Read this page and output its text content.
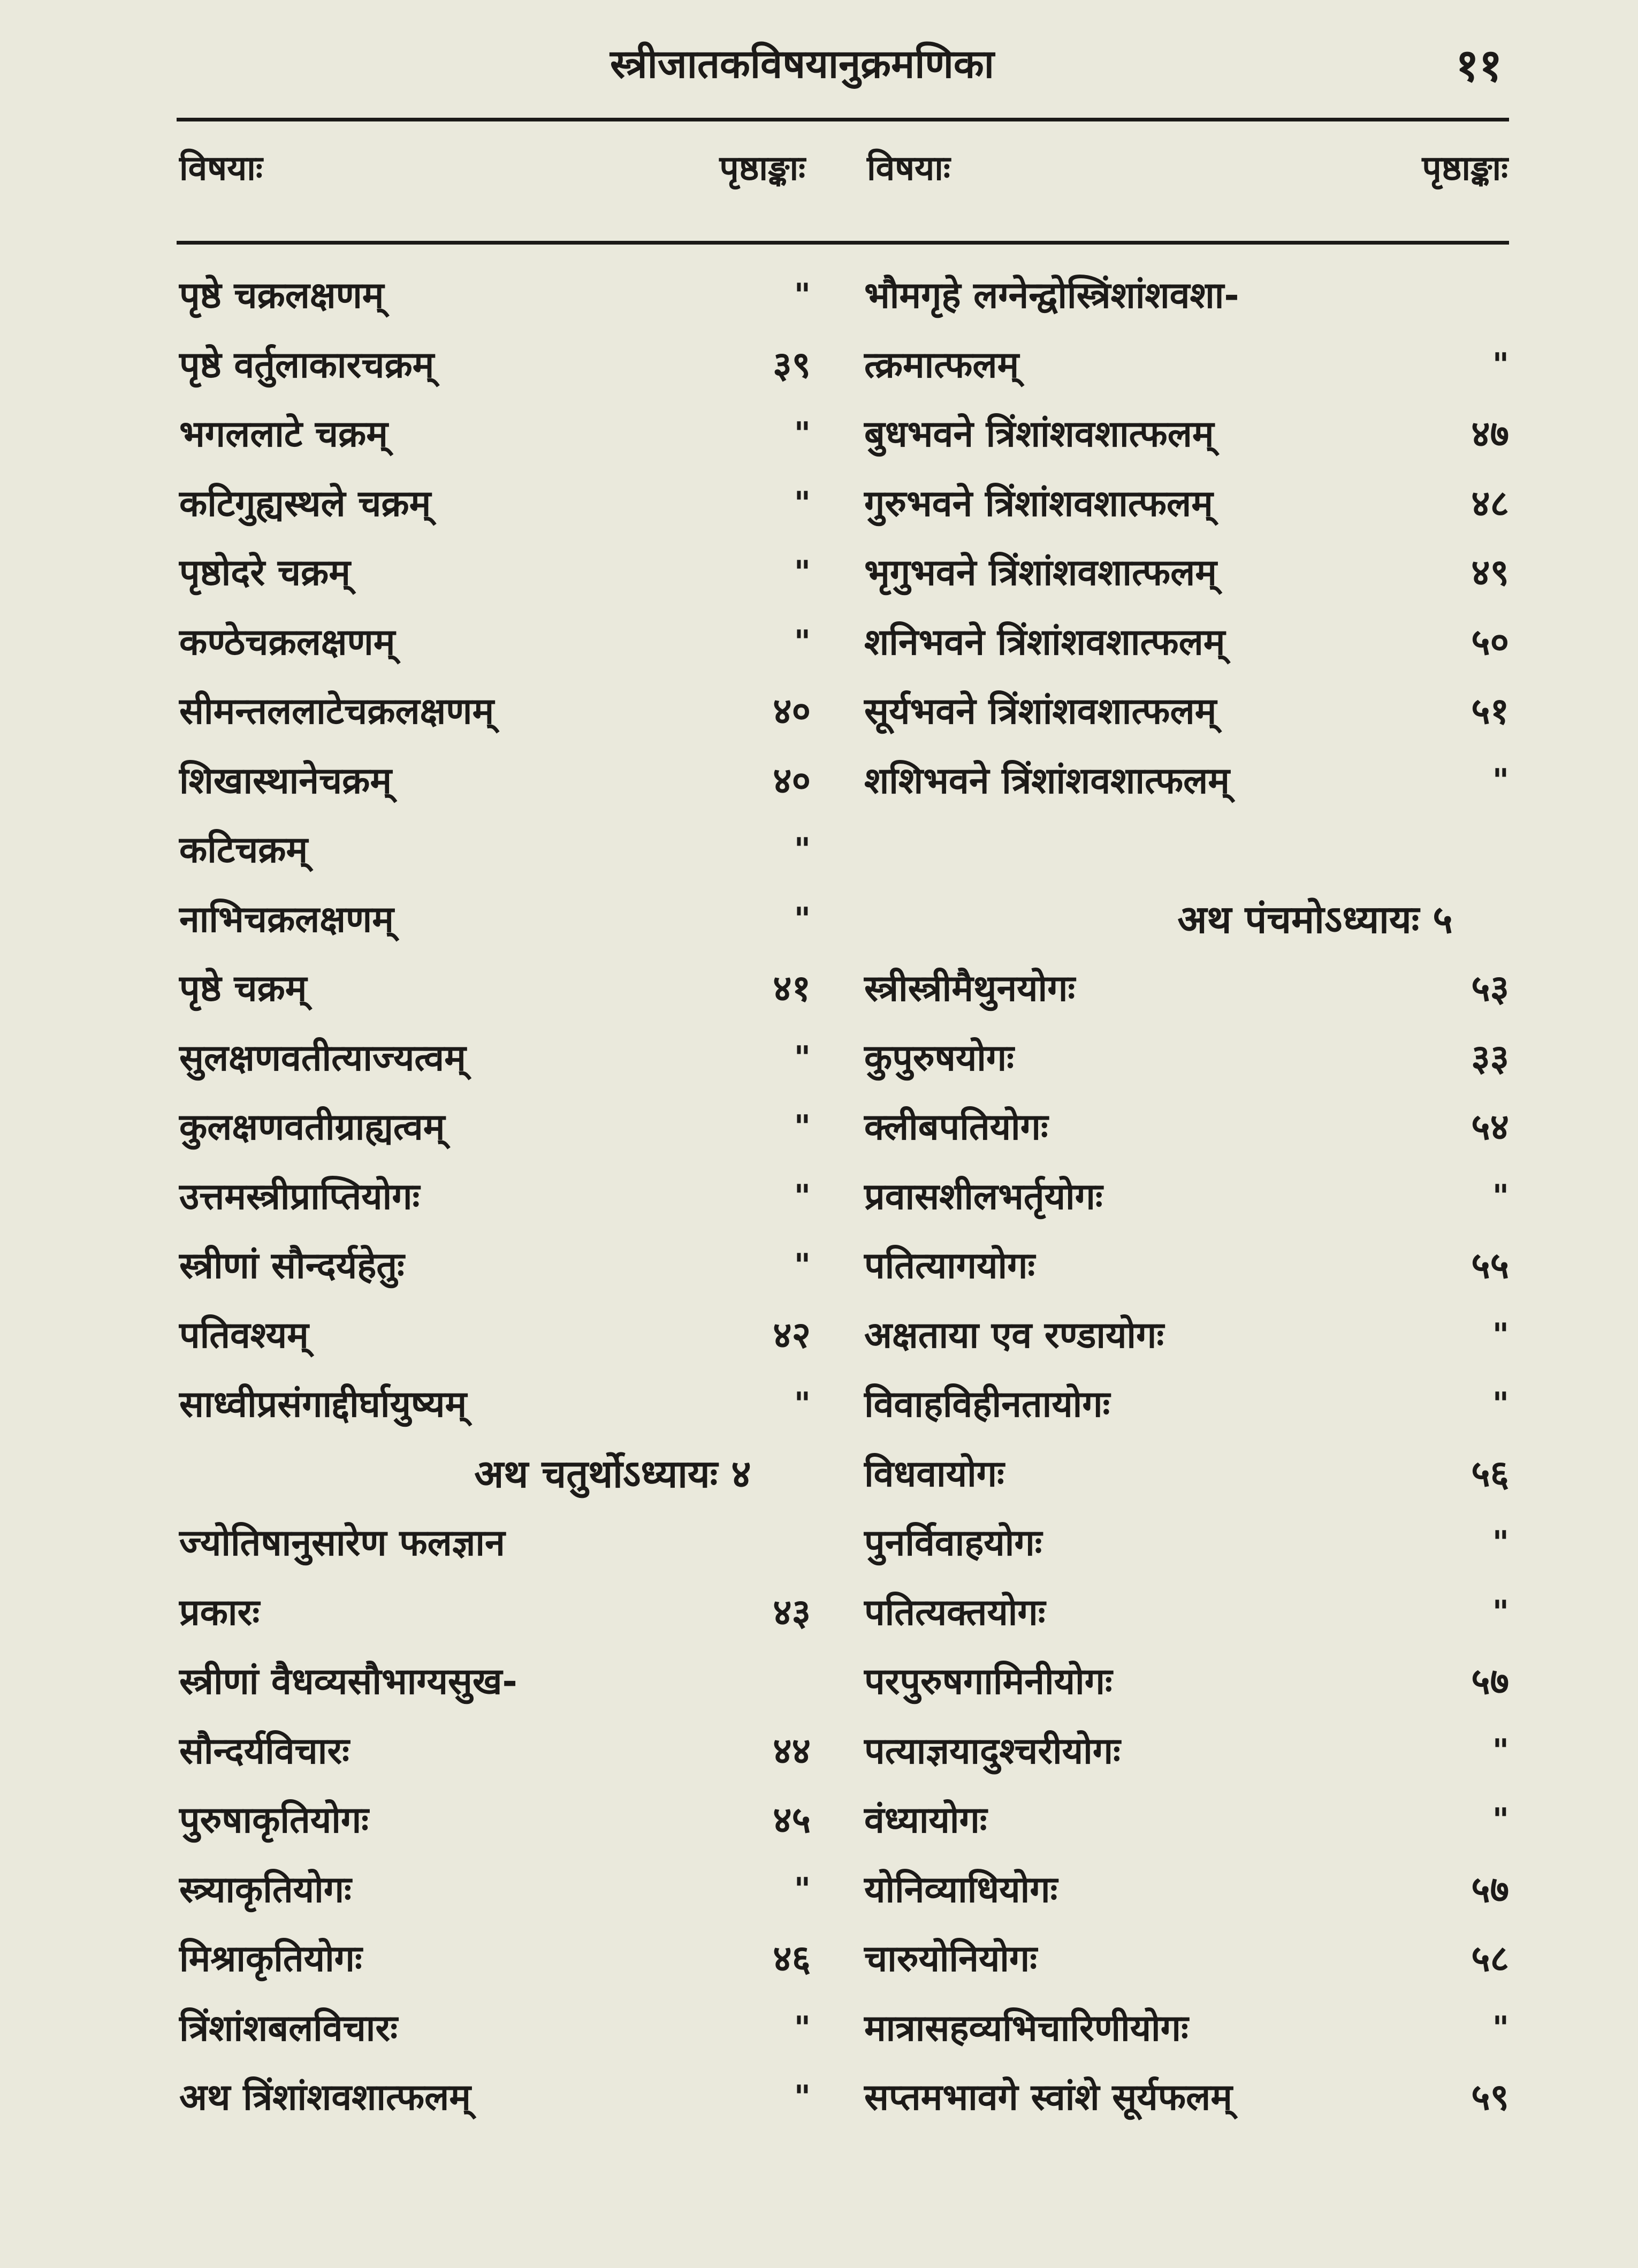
स्त्रीजातकविषयानुक्रमणिका	११
विषयाः	पृष्ठाङ्काः विषयाः	पृष्ठाङ्काः
पृष्ठे चक्रलक्षणम्	"
पृष्ठे वर्तुलाकारचक्रम्	३९
भगललाटे चक्रम्	"
कटिगुह्यस्थले चक्रम्	"
पृष्ठोदरे चक्रम्	"
कण्ठेचक्रलक्षणम्	"
सीमन्तललाटेचक्रलक्षणम्	४०
शिखास्थानेचक्रम्	४०
कटिचक्रम्	"
नाभिचक्रलक्षणम्	"
पृष्ठे चक्रम्	४१
सुलक्षणवतीत्याज्यत्वम्	"
कुलक्षणवतीग्राह्यत्वम्	"
उत्तमस्त्रीप्राप्तियोगः	"
स्त्रीणां सौन्दर्यहेतुः	"
पतिवश्यम्	४२
साध्वीप्रसंगाद्दीर्घायुष्यम्	"
अथ चतुर्थोऽध्यायः ४
ज्योतिषानुसारेण फलज्ञान
प्रकारः	४३
स्त्रीणां वैधव्यसौभाग्यसुख-
सौन्दर्यविचारः	४४
पुरुषाकृतियोगः	४५
स्त्र्याकृतियोगः	"
मिश्राकृतियोगः	४६
त्रिंशांशबलविचारः	"
अथ त्रिंशांशवशात्फलम्	"
भौमगृहे लग्नेन्द्वोस्त्रिंशांशवशा-
त्क्रमात्फलम्	"
बुधभवने त्रिंशांशवशात्फलम्	४७
गुरुभवने त्रिंशांशवशात्फलम्	४८
भृगुभवने त्रिंशांशवशात्फलम्	४९
शनिभवने त्रिंशांशवशात्फलम्	५०
सूर्यभवने त्रिंशांशवशात्फलम्	५१
शशिभवने त्रिंशांशवशात्फलम्	"
अथ पंचमोऽध्यायः ५
स्त्रीस्त्रीमैथुनयोगः	५३
कुपुरुषयोगः	३३
क्लीबपतियोगः	५४
प्रवासशीलभर्तृयोगः	"
पतित्यागयोगः	५५
अक्षताया एव रण्डायोगः	"
विवाहविहीनतायोगः	"
विधवायोगः	५६
पुनर्विवाहयोगः	"
पतित्यक्तयोगः	"
परपुरुषगामिनीयोगः	५७
पत्याज्ञयादुश्चरीयोगः	"
वंध्यायोगः	"
योनिव्याधियोगः	५७
चारुयोनियोगः	५८
मात्रासहव्यभिचारिणीयोगः	"
सप्तमभावगे स्वांशे सूर्यफलम्	५९
